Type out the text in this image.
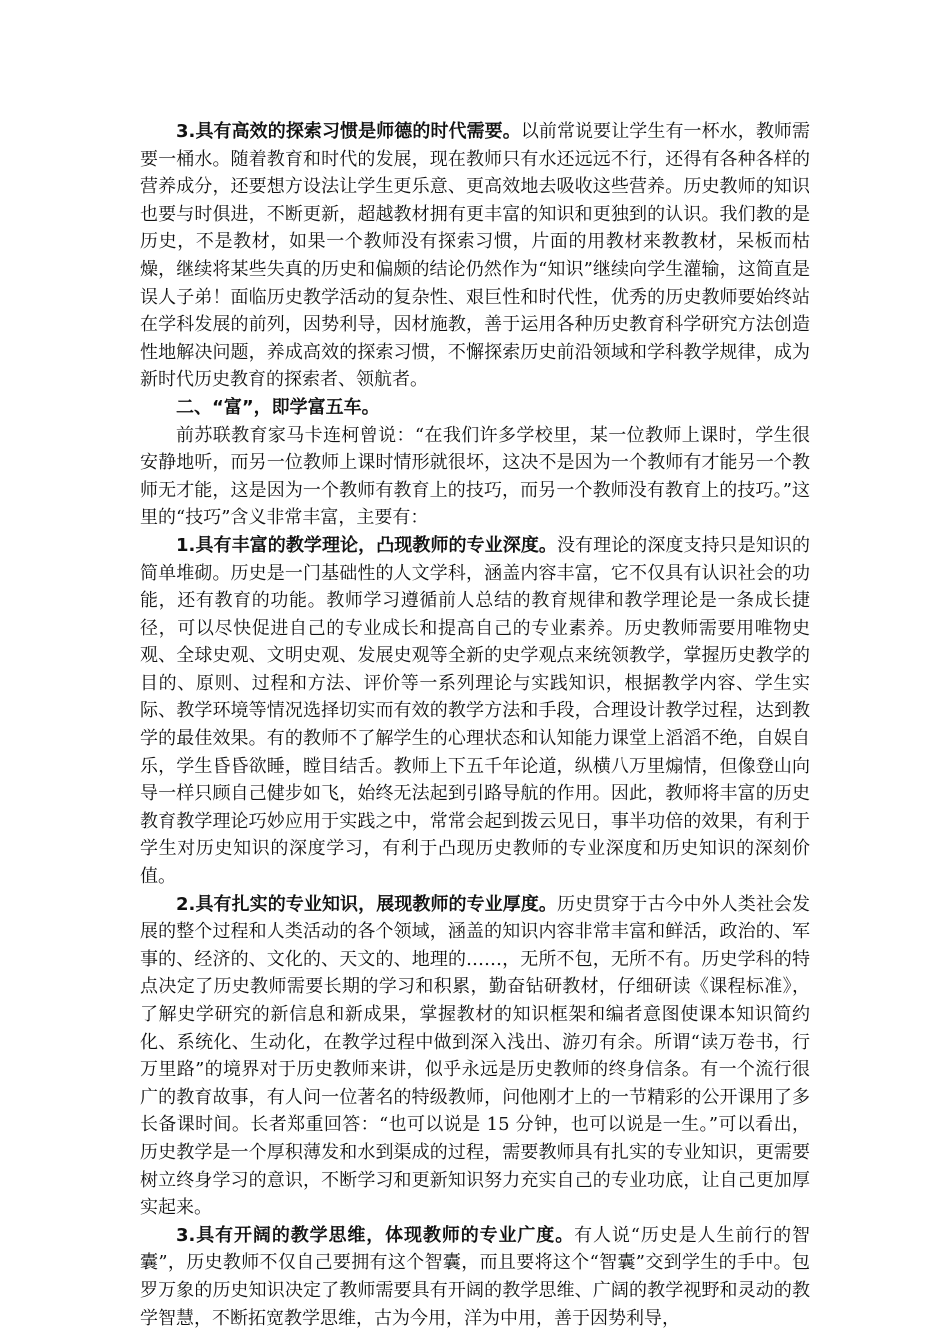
3.具有高效的探索习惯是师德的时代需要。以前常说要让学生有一杯水，教师需要一桶水。随着教育和时代的发展，现在教师只有水还远远不行，还得有各种各样的营养成分，还要想方设法让学生更乐意、更高效地去吸收这些营养。历史教师的知识也要与时俱进，不断更新，超越教材拥有更丰富的知识和更独到的认识。我们教的是历史，不是教材，如果一个教师没有探索习惯，片面的用教材来教教材，呆板而枯燥，继续将某些失真的历史和偏颇的结论仍然作为“知识”继续向学生灌输，这简直是误人子弟！面临历史教学活动的复杂性、艰巨性和时代性，优秀的历史教师要始终站在学科发展的前列，因势利导，因材施教，善于运用各种历史教育科学研究方法创造性地解决问题，养成高效的探索习惯，不懈探索历史前沿领域和学科教学规律，成为新时代历史教育的探索者、领航者。

二、“富”，即学富五车。

前苏联教育家马卡连柯曾说：“在我们许多学校里，某一位教师上课时，学生很安静地听，而另一位教师上课时情形就很坏，这决不是因为一个教师有才能另一个教师无才能，这是因为一个教师有教育上的技巧，而另一个教师没有教育上的技巧。”这里的“技巧”含义非常丰富，主要有：

1.具有丰富的教学理论，凸现教师的专业深度。没有理论的深度支持只是知识的简单堆砌。历史是一门基础性的人文学科，涵盖内容丰富，它不仅具有认识社会的功能，还有教育的功能。教师学习遵循前人总结的教育规律和教学理论是一条成长捷径，可以尽快促进自己的专业成长和提高自己的专业素养。历史教师需要用唯物史观、全球史观、文明史观、发展史观等全新的史学观点来统领教学，掌握历史教学的目的、原则、过程和方法、评价等一系列理论与实践知识，根据教学内容、学生实际、教学环境等情况选择切实而有效的教学方法和手段，合理设计教学过程，达到教学的最佳效果。有的教师不了解学生的心理状态和认知能力课堂上滔滔不绝，自娱自乐，学生昏昏欲睡，瞠目结舌。教师上下五千年论道，纵横八万里煽情，但像登山向导一样只顾自己健步如飞，始终无法起到引路导航的作用。因此，教师将丰富的历史教育教学理论巧妙应用于实践之中，常常会起到拨云见日，事半功倍的效果，有利于学生对历史知识的深度学习，有利于凸现历史教师的专业深度和历史知识的深刻价值。

2.具有扎实的专业知识，展现教师的专业厚度。历史贯穿于古今中外人类社会发展的整个过程和人类活动的各个领域，涵盖的知识内容非常丰富和鲜活，政治的、军事的、经济的、文化的、天文的、地理的……，无所不包，无所不有。历史学科的特点决定了历史教师需要长期的学习和积累，勤奋钻研教材，仔细研读《课程标准》，了解史学研究的新信息和新成果，掌握教材的知识框架和编者意图使课本知识简约化、系统化、生动化，在教学过程中做到深入浅出、游刃有余。所谓“读万卷书，行万里路”的境界对于历史教师来讲，似乎永远是历史教师的终身信条。有一个流行很广的教育故事，有人问一位著名的特级教师，问他刚才上的一节精彩的公开课用了多长备课时间。长者郑重回答：“也可以说是 15 分钟，也可以说是一生。”可以看出，历史教学是一个厚积薄发和水到渠成的过程，需要教师具有扎实的专业知识，更需要树立终身学习的意识，不断学习和更新知识努力充实自己的专业功底，让自己更加厚实起来。

3.具有开阔的教学思维，体现教师的专业广度。有人说“历史是人生前行的智囊”，历史教师不仅自己要拥有这个智囊，而且要将这个“智囊”交到学生的手中。包罗万象的历史知识决定了教师需要具有开阔的教学思维、广阔的教学视野和灵动的教学智慧，不断拓宽教学思维，古为今用，洋为中用，善于因势利导，
